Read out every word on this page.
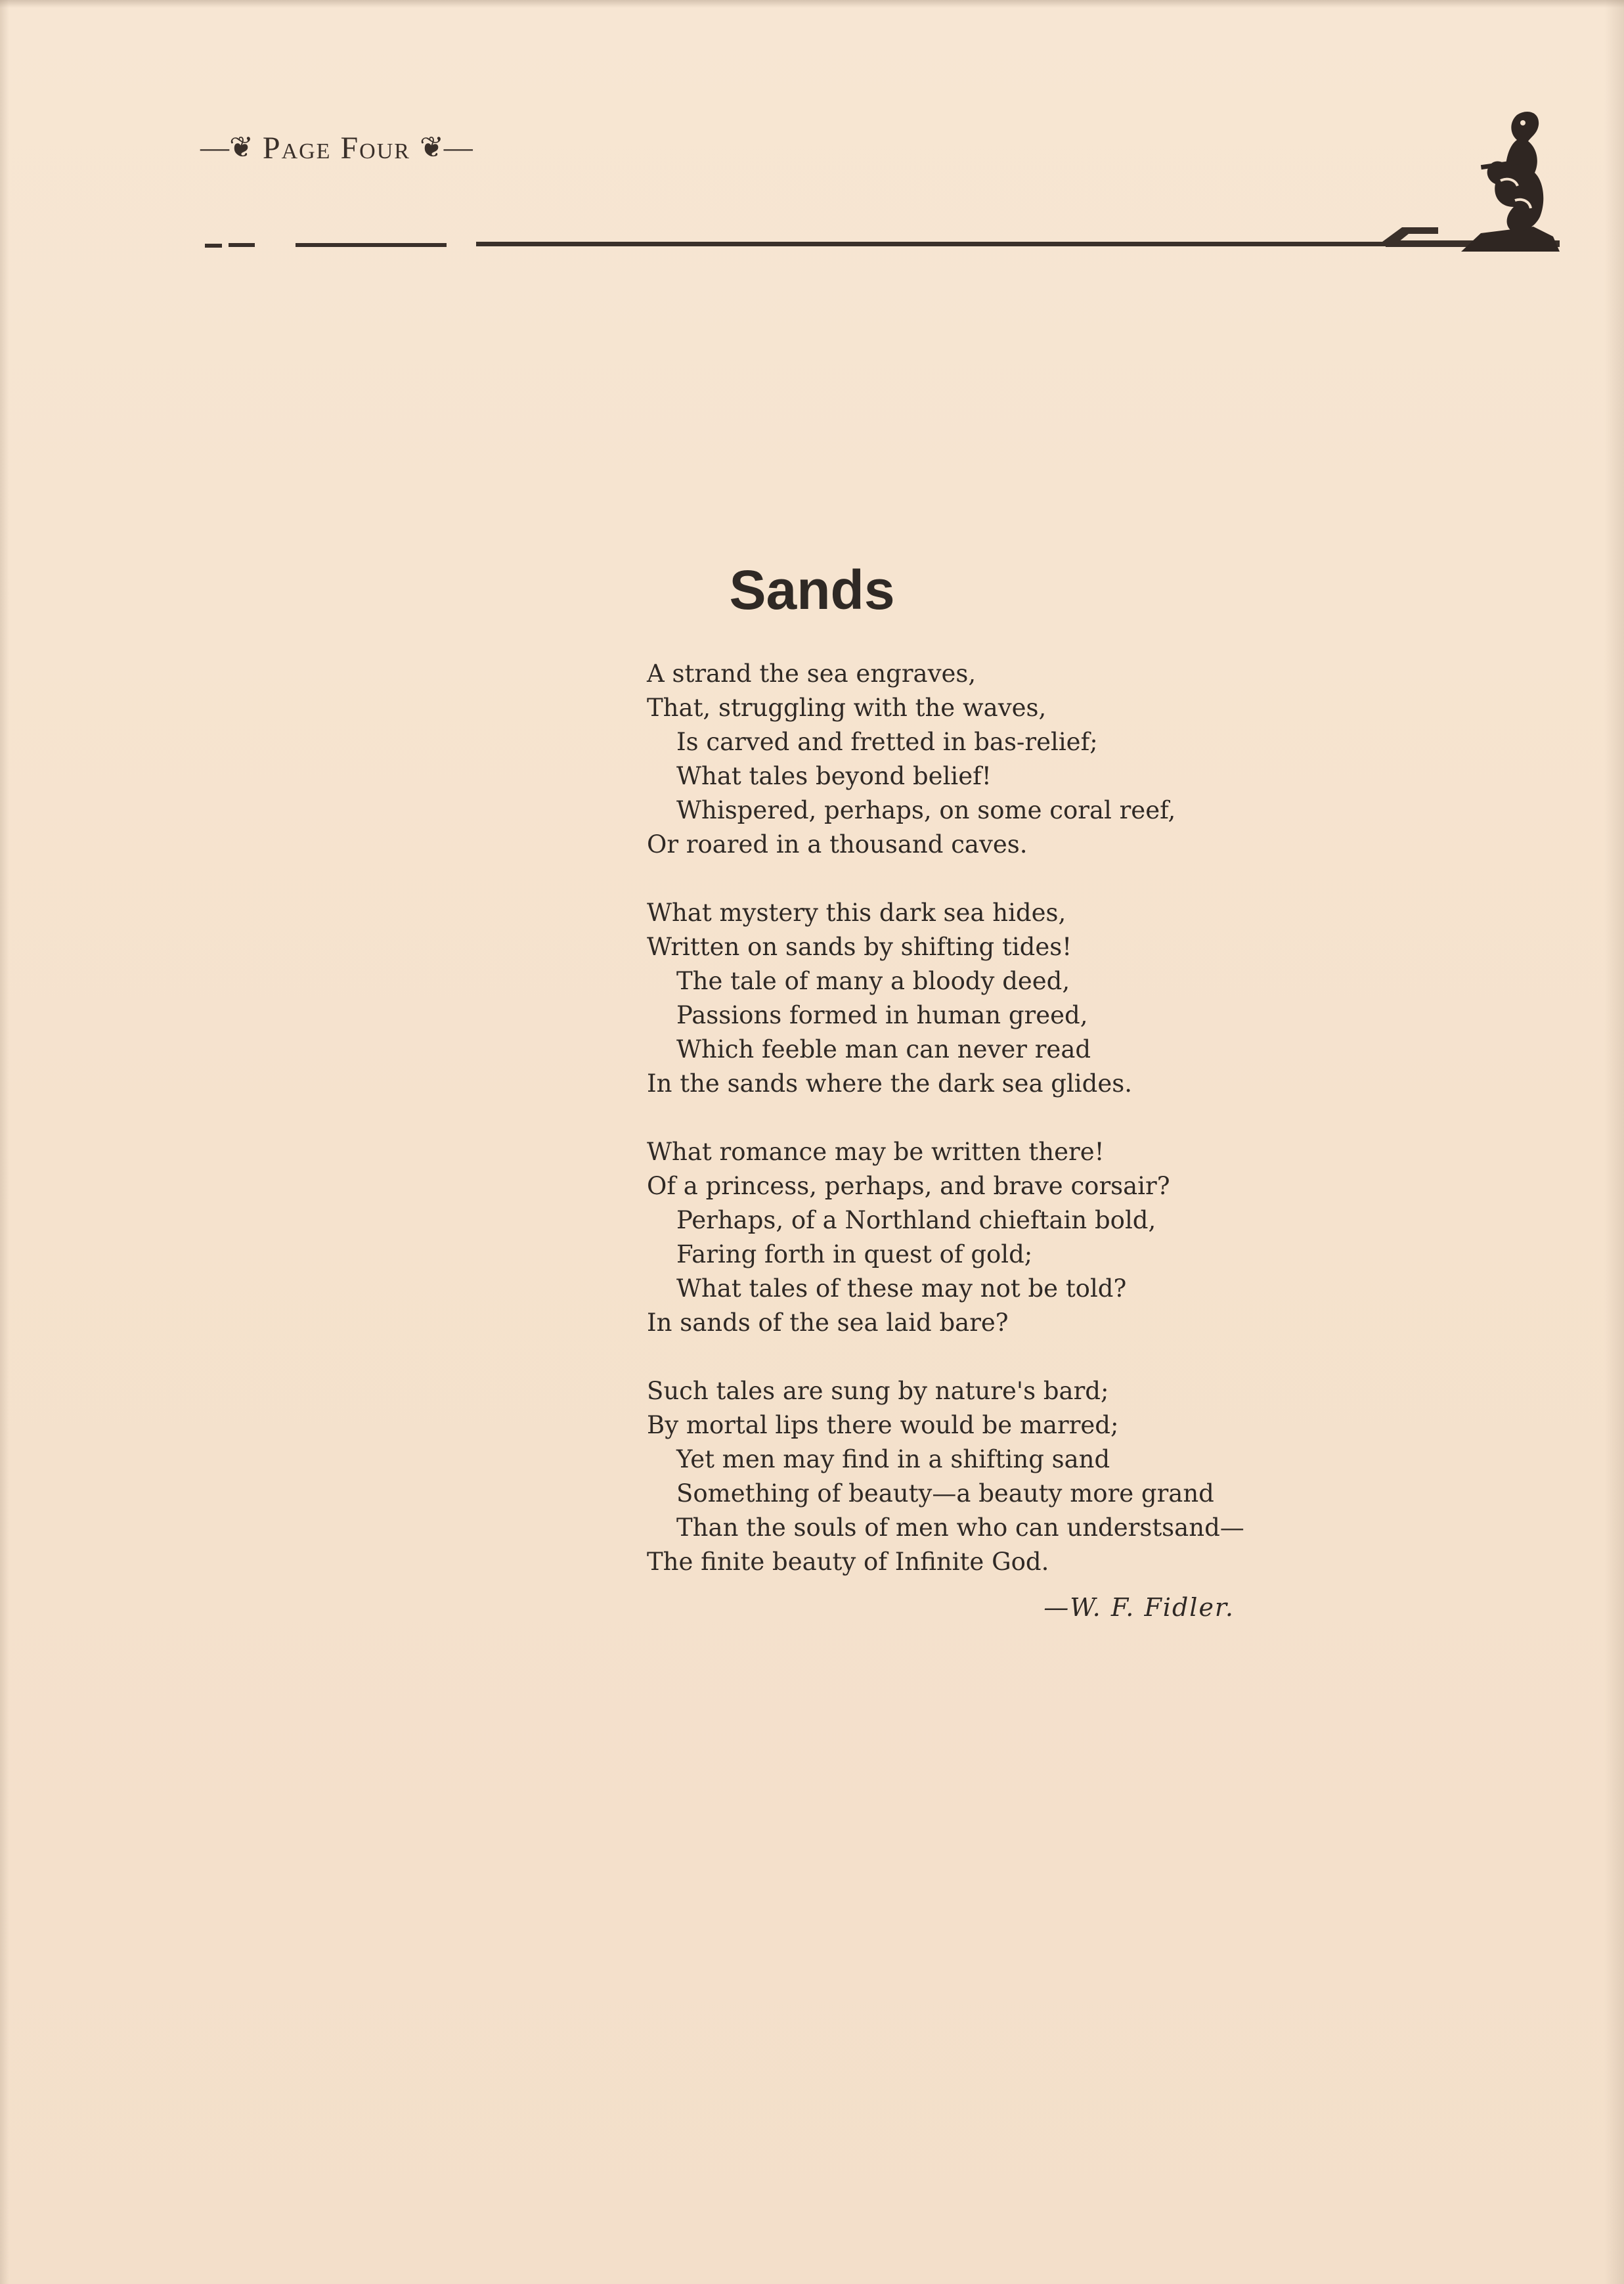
—❦ Page Four ❦—
Sands
A strand the sea engraves,
That, struggling with the waves,
Is carved and fretted in bas-relief;
What tales beyond belief!
Whispered, perhaps, on some coral reef,
Or roared in a thousand caves.
What mystery this dark sea hides,
Written on sands by shifting tides!
The tale of many a bloody deed,
Passions formed in human greed,
Which feeble man can never read
In the sands where the dark sea glides.
What romance may be written there!
Of a princess, perhaps, and brave corsair?
Perhaps, of a Northland chieftain bold,
Faring forth in quest of gold;
What tales of these may not be told?
In sands of the sea laid bare?
Such tales are sung by nature's bard;
By mortal lips there would be marred;
Yet men may find in a shifting sand
Something of beauty—a beauty more grand
Than the souls of men who can understsand—
The finite beauty of Infinite God.
—W. F. Fidler.
